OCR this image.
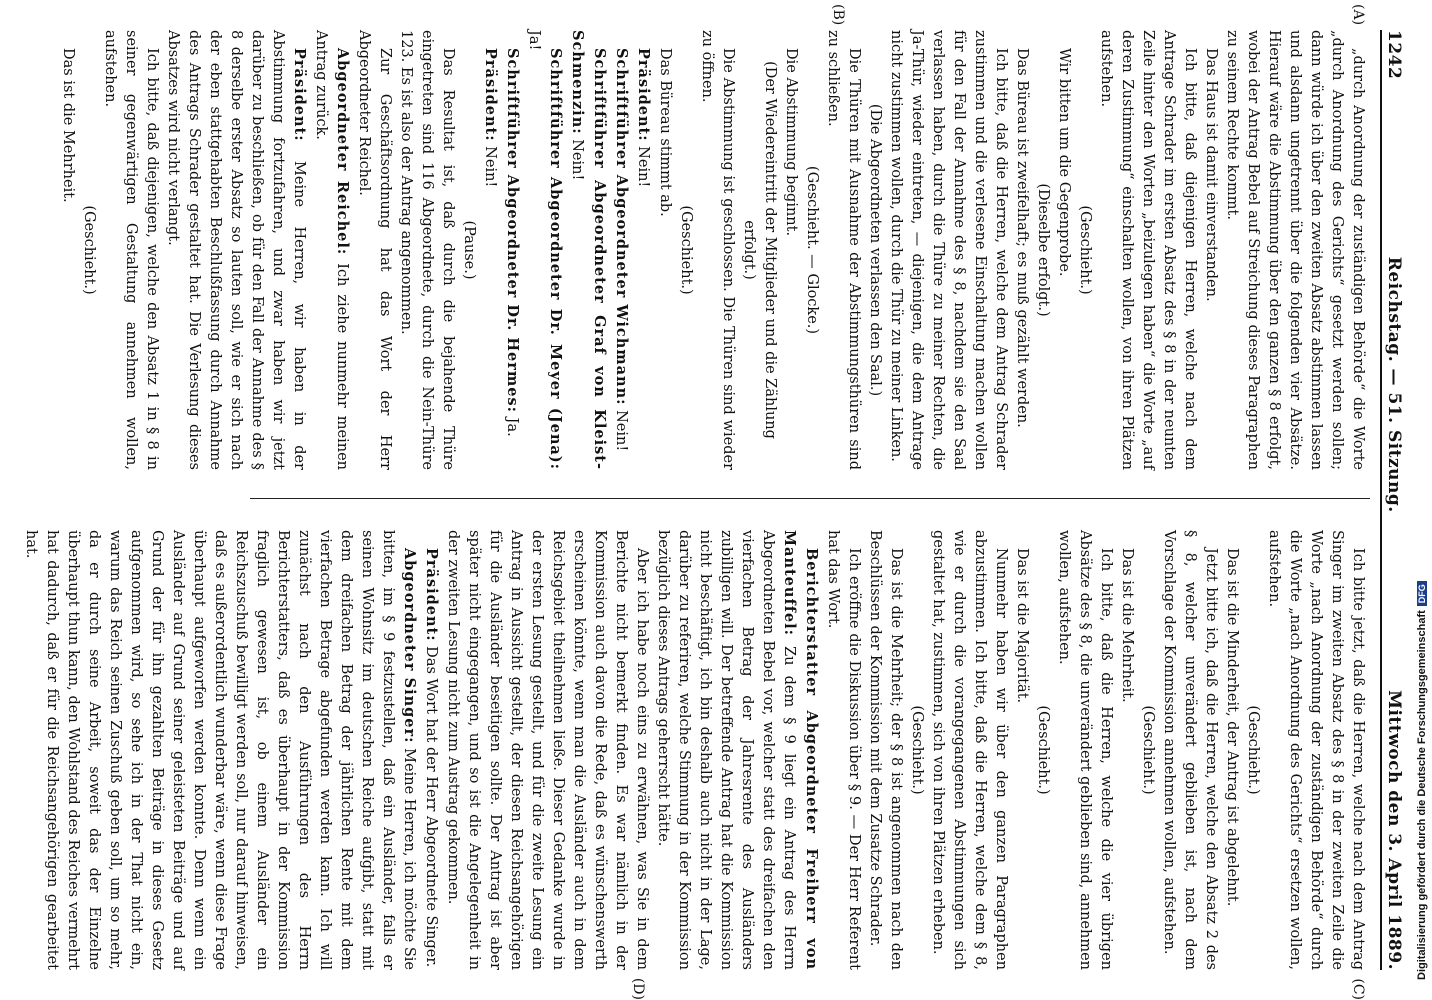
1242
Reichstag. — 51. Sitzung.
Mittwoch den 3. April 1889.
(A)
(B)

„durch Anordnung der zuständigen Behörde“ die Worte „durch Anordnung des Gerichts“ gesetzt werden sollen; dann würde ich über den zweiten Absatz abstimmen lassen und alsdann ungetrennt über die folgenden vier Absätze. Hierauf wäre die Abstimmung über den ganzen § 8 erfolgt, wobei der Antrag Bebel auf Streichung dieses Paragraphen zu seinem Rechte kommt.

Das Haus ist damit einverstanden.

Ich bitte, daß diejenigen Herren, welche nach dem Antrage Schrader im ersten Absatz des § 8 in der neunten Zeile hinter den Worten „beizulegen haben“ die Worte „auf deren Zustimmung“ einschalten wollen, von ihren Plätzen aufstehen.

(Geschieht.)

Wir bitten um die Gegenprobe.

(Dieselbe erfolgt.)

Das Büreau ist zweifelhaft; es muß gezählt werden.

Ich bitte, daß die Herren, welche dem Antrag Schrader zustimmen und die verlesene Einschaltung machen wollen für den Fall der Annahme des § 8, nachdem sie den Saal verlassen haben, durch die Thüre zu meiner Rechten, die Ja-Thür, wieder eintreten, — diejenigen, die dem Antrage nicht zustimmen wollen, durch die Thür zu meiner Linken.

(Die Abgeordneten verlassen den Saal.)

Die Thüren mit Ausnahme der Abstimmungsthüren sind zu schließen.

(Geschieht. — Glocke.)

Die Abstimmung beginnt.

(Der Wiedereintritt der Mitglieder und die Zählung erfolgt.)

Die Abstimmung ist geschlossen. Die Thüren sind wieder zu öffnen.

(Geschieht.)

Das Büreau stimmt ab.

Präsident: Nein!

Schriftführer Abgeordneter Wichmann: Nein!

Schriftführer Abgeordneter Graf von Kleist-Schmenzin: Nein!

Schriftführer Abgeordneter Dr. Meyer (Jena): Ja!

Schriftführer Abgeordneter Dr. Hermes: Ja.

Präsident: Nein!

(Pause.)

Das Resultat ist, daß durch die bejahende Thüre eingetreten sind 116 Abgeordnete, durch die Nein-Thüre 123. Es ist also der Antrag angenommen.

Zur Geschäftsordnung hat das Wort der Herr Abgeordneter Reichel.

Abgeordneter Reichel: Ich ziehe nunmehr meinen Antrag zurück.

Präsident: Meine Herren, wir haben in der Abstimmung fortzufahren, und zwar haben wir jetzt darüber zu beschließen, ob für den Fall der Annahme des § 8 derselbe erster Absatz so lauten soll, wie er sich nach der eben stattgehabten Beschlußfassung durch Annahme des Antrags Schrader gestaltet hat. Die Verlesung dieses Absatzes wird nicht verlangt.

Ich bitte, daß diejenigen, welche den Absatz 1 in § 8 in seiner gegenwärtigen Gestaltung annehmen wollen, aufstehen.

(Geschieht.)

Das ist die Mehrheit.

(C)
(D)

Ich bitte jetzt, daß die Herren, welche nach dem Antrag Singer im zweiten Absatz des § 8 in der zweiten Zeile die Worte „nach Anordnung der zuständigen Behörde“ durch die Worte „nach Anordnung des Gerichts“ ersetzen wollen, aufstehen.

(Geschieht.)

Das ist die Minderheit, der Antrag ist abgelehnt.

Jetzt bitte ich, daß die Herren, welche den Absatz 2 des § 8, welcher unverändert geblieben ist, nach dem Vorschlage der Kommission annehmen wollen, aufstehen.

(Geschieht.)

Das ist die Mehrheit.

Ich bitte, daß die Herren, welche die vier übrigen Absätze des § 8, die unverändert geblieben sind, annehmen wollen, aufstehen.

(Geschieht.)

Das ist die Majorität.

Nunmehr haben wir über den ganzen Paragraphen abzustimmen. Ich bitte, daß die Herren, welche dem § 8, wie er durch die vorangegangenen Abstimmungen sich gestaltet hat, zustimmen, sich von ihren Plätzen erheben.

(Geschieht.)

Das ist die Mehrheit; der § 8 ist angenommen nach den Beschlüssen der Kommission mit dem Zusatze Schrader.

Ich eröffne die Diskussion über § 9. — Der Herr Referent hat das Wort.

Berichterstatter Abgeordneter Freiherr von Manteuffel: Zu dem § 9 liegt ein Antrag des Herrn Abgeordneten Bebel vor, welcher statt des dreifachen den vierfachen Betrag der Jahresrente des Ausländers zubilligen will. Der betreffende Antrag hat die Kommission nicht beschäftigt, ich bin deshalb auch nicht in der Lage, darüber zu referiren, welche Stimmung in der Kommission bezüglich dieses Antrags geherrscht hätte.

Aber ich habe noch eins zu erwähnen, was Sie in dem Berichte nicht bemerkt finden. Es war nämlich in der Kommission auch davon die Rede, daß es wünschenswerth erscheinen könnte, wenn man die Ausländer auch in dem Reichsgebiet theilnehmen ließe. Dieser Gedanke wurde in der ersten Lesung gestellt, und für die zweite Lesung ein Antrag in Aussicht gestellt, der diesen Reichsangehörigen für die Ausländer beseitigen sollte. Der Antrag ist aber später nicht eingegangen, und so ist die Angelegenheit in der zweiten Lesung nicht zum Austrag gekommen.

Präsident: Das Wort hat der Herr Abgeordnete Singer.

Abgeordneter Singer: Meine Herren, ich möchte Sie bitten, im § 9 festzustellen, daß ein Ausländer, falls er seinen Wohnsitz im deutschen Reiche aufgibt, statt mit dem dreifachen Betrag der jährlichen Rente mit dem vierfachen Betrage abgefunden werden kann. Ich will zunächst nach den Ausführungen des Herrn Berichterstatters, daß es überhaupt in der Kommission fraglich gewesen ist, ob einem Ausländer ein Reichszuschuß bewilligt werden soll, nur darauf hinweisen, daß es außerordentlich wunderbar wäre, wenn diese Frage überhaupt aufgeworfen werden konnte. Denn wenn ein Ausländer auf Grund seiner geleisteten Beiträge und auf Grund der für ihn gezahlten Beiträge in dieses Gesetz aufgenommen wird, so sehe ich in der That nicht ein, warum das Reich seinen Zuschuß geben soll, um so mehr, da er durch seine Arbeit, soweit das der Einzelne überhaupt thun kann, den Wohlstand des Reiches vermehrt hat dadurch, daß er für die Reichsangehörigen gearbeitet hat.

Digitalisierung gefördert durch die Deutsche ForschungsgemeinschaftDFG
